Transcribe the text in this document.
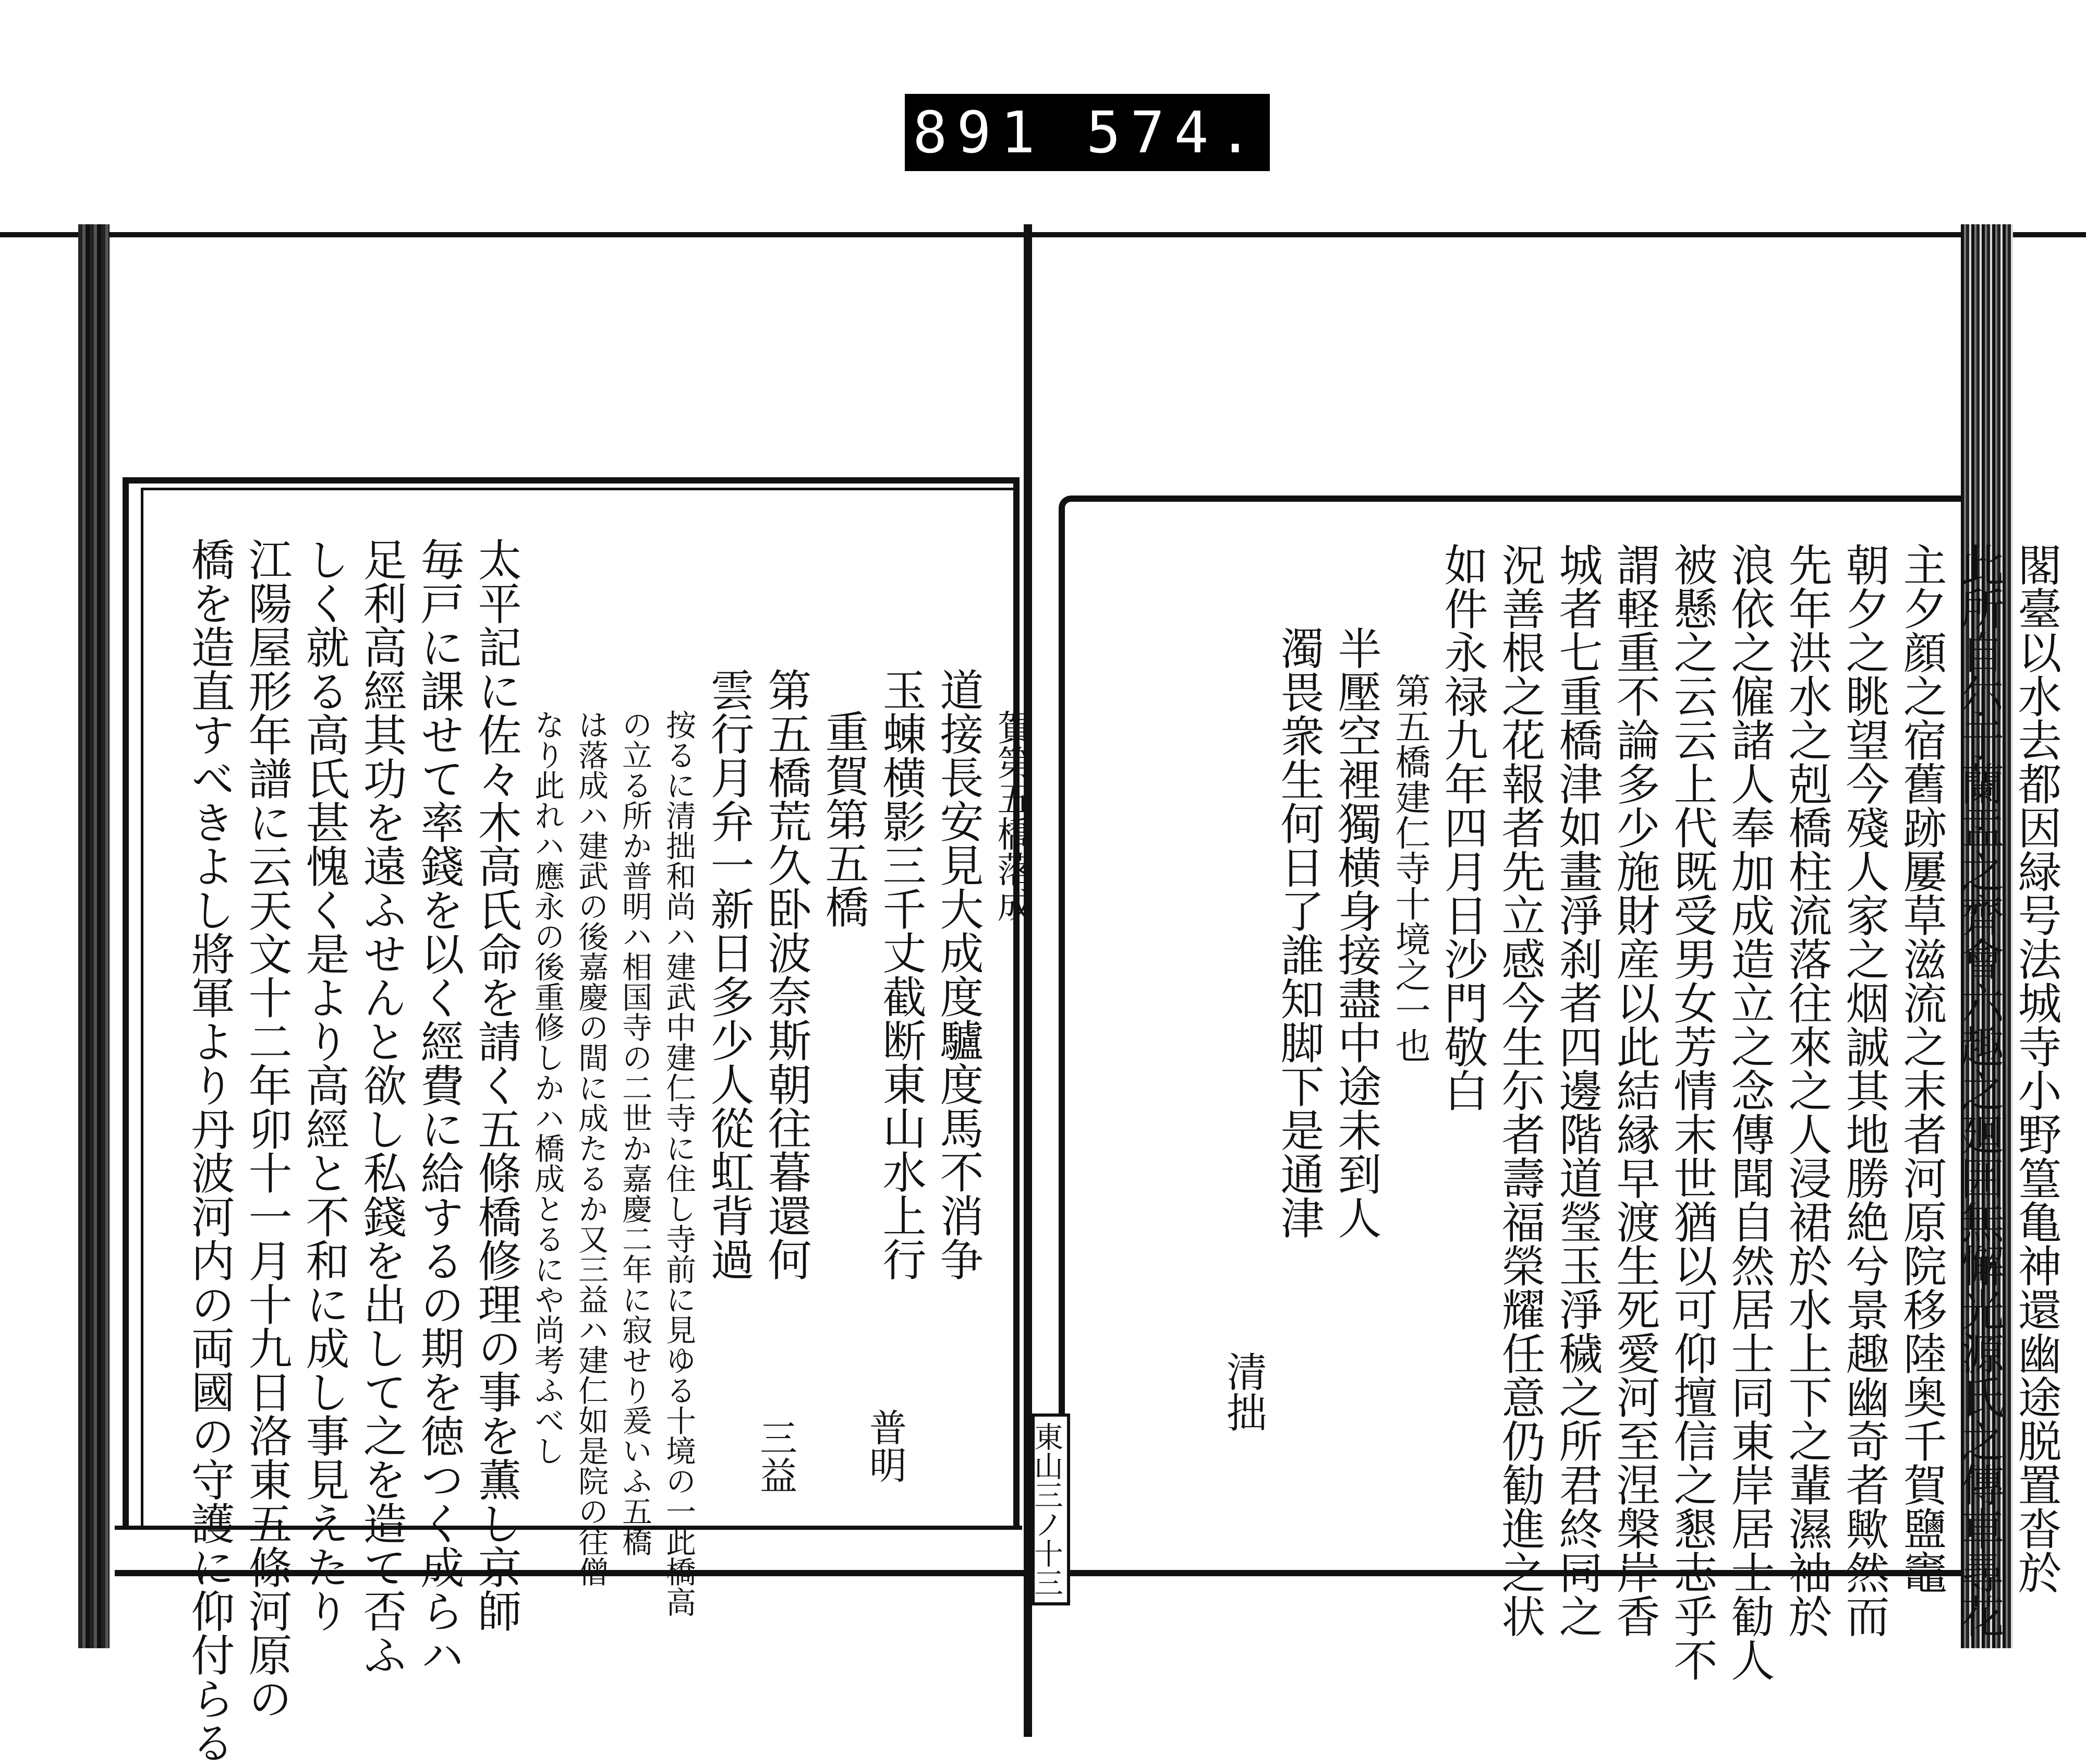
891 574.
東山三ノ十三	閣臺以水去都因緑号法城寺小野篁亀神還幽途脱置沓於
此所自尓于蘭盂之齊會六趣之廻囲無懈光源氏之傳車尋花
主夕顔之宿舊跡屢草滋流之末者河原院移陸奥千賀鹽竈
朝夕之眺望今殘人家之烟誠其地勝絶兮景趣幽奇者歟然而
先年洪水之剋橋柱流落往來之人浸裙於水上下之輩濕袖於
浪依之僱諸人奉加成造立之念傳聞自然居士同東岸居士勧人
被懸之云云上代既受男女芳情末世猶以可仰擅信之懇志乎不
謂軽重不論多少施財産以此結縁早渡生死愛河至涅槃岸香
城者七重橋津如畫淨刹者四邊階道瑩玉淨穢之所君終同之
況善根之花報者先立感今生尓者壽福榮耀任意仍勧進之状
如件永禄九年四月日沙門敬白
第五橋建仁寺十境之一也
半壓空裡獨横身接盡中途未到人
濁畏衆生何日了誰知脚下是通津
清拙
賀第五橋落成
道接長安見大成度驢度馬不消争
玉蝀横影三千丈截断東山水上行
重賀第五橋
第五橋荒久卧波奈斯朝往暮還何
雲行月弁一新日多少人從虹背過
按るに清拙和尚ハ建武中建仁寺に住し寺前に見ゆる十境の一此橋高
の立る所か普明ハ相国寺の二世か嘉慶二年に寂せり爰いふ五橋
は落成ハ建武の後嘉慶の間に成たるか又三益ハ建仁如是院の往僧
なり此れハ應永の後重修しかハ橋成とるにや尚考ふべし
太平記に佐々木高氏命を請く五條橋修理の事を薫し京師
毎戸に課せて率錢を以く經費に給するの期を徳つく成らハ
足利高經其功を遠ふせんと欲し私錢を出して之を造て否ふ
しく就る高氏甚愧く是より高經と不和に成し事見えたり
江陽屋形年譜に云天文十二年卯十一月十九日洛東五條河原の
橋を造直すべきよし將軍より丹波河内の両國の守護に仰付らる	普明
三益
